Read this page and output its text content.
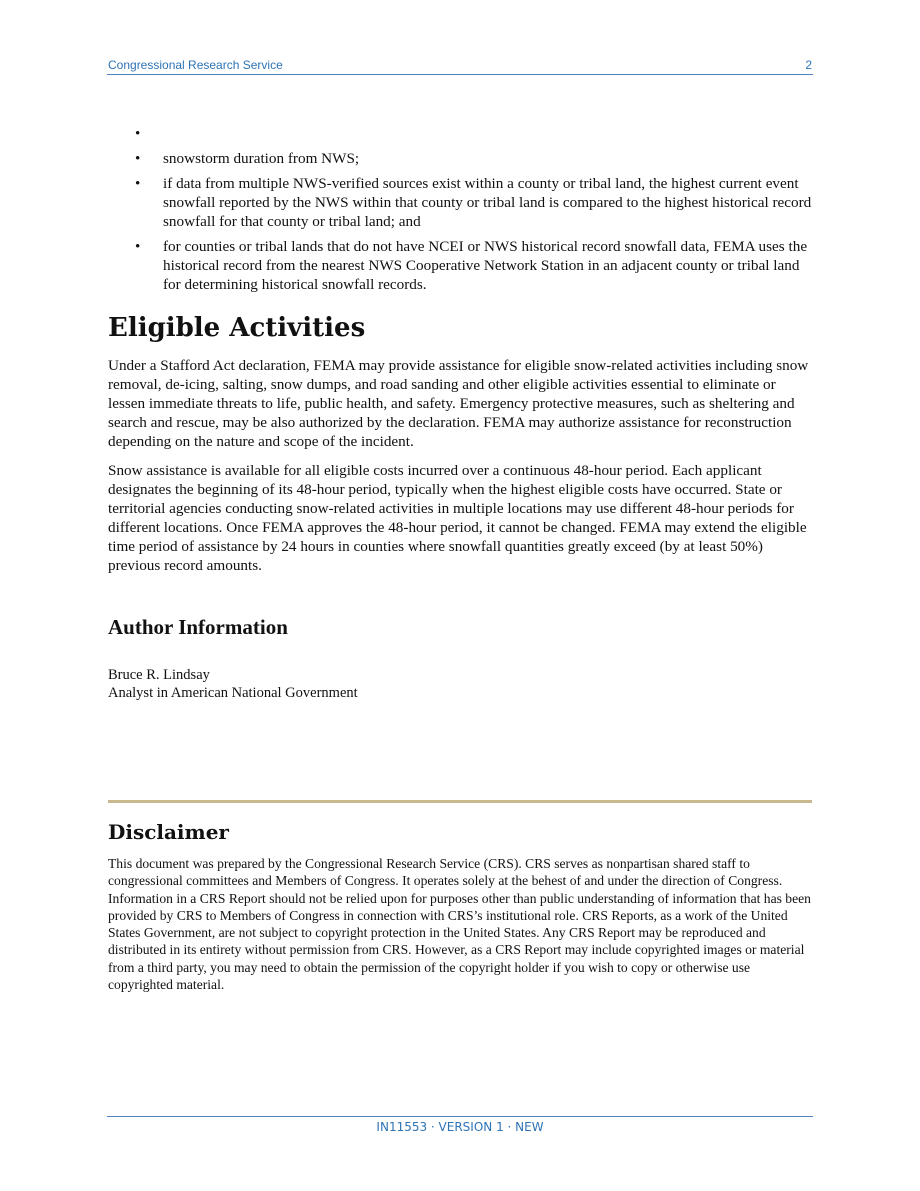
Congressional Research Service	2
•
• snowstorm duration from NWS;
• if data from multiple NWS-verified sources exist within a county or tribal land, the highest current event snowfall reported by the NWS within that county or tribal land is compared to the highest historical record snowfall for that county or tribal land; and
• for counties or tribal lands that do not have NCEI or NWS historical record snowfall data, FEMA uses the historical record from the nearest NWS Cooperative Network Station in an adjacent county or tribal land for determining historical snowfall records.
Eligible Activities

Under a Stafford Act declaration, FEMA may provide assistance for eligible snow-related activities including snow removal, de-icing, salting, snow dumps, and road sanding and other eligible activities essential to eliminate or lessen immediate threats to life, public health, and safety. Emergency protective measures, such as sheltering and search and rescue, may be also authorized by the declaration. FEMA may authorize assistance for reconstruction depending on the nature and scope of the incident.

Snow assistance is available for all eligible costs incurred over a continuous 48-hour period. Each applicant designates the beginning of its 48-hour period, typically when the highest eligible costs have occurred. State or territorial agencies conducting snow-related activities in multiple locations may use different 48-hour periods for different locations. Once FEMA approves the 48-hour period, it cannot be changed. FEMA may extend the eligible time period of assistance by 24 hours in counties where snowfall quantities greatly exceed (by at least 50%) previous record amounts.

Author Information
Bruce R. Lindsay
Analyst in American National Government
Disclaimer

This document was prepared by the Congressional Research Service (CRS). CRS serves as nonpartisan shared staff to congressional committees and Members of Congress. It operates solely at the behest of and under the direction of Congress. Information in a CRS Report should not be relied upon for purposes other than public understanding of information that has been provided by CRS to Members of Congress in connection with CRS’s institutional role. CRS Reports, as a work of the United States Government, are not subject to copyright protection in the United States. Any CRS Report may be reproduced and distributed in its entirety without permission from CRS. However, as a CRS Report may include copyrighted images or material from a third party, you may need to obtain the permission of the copyright holder if you wish to copy or otherwise use copyrighted material.

IN11553 · VERSION 1 · NEW
